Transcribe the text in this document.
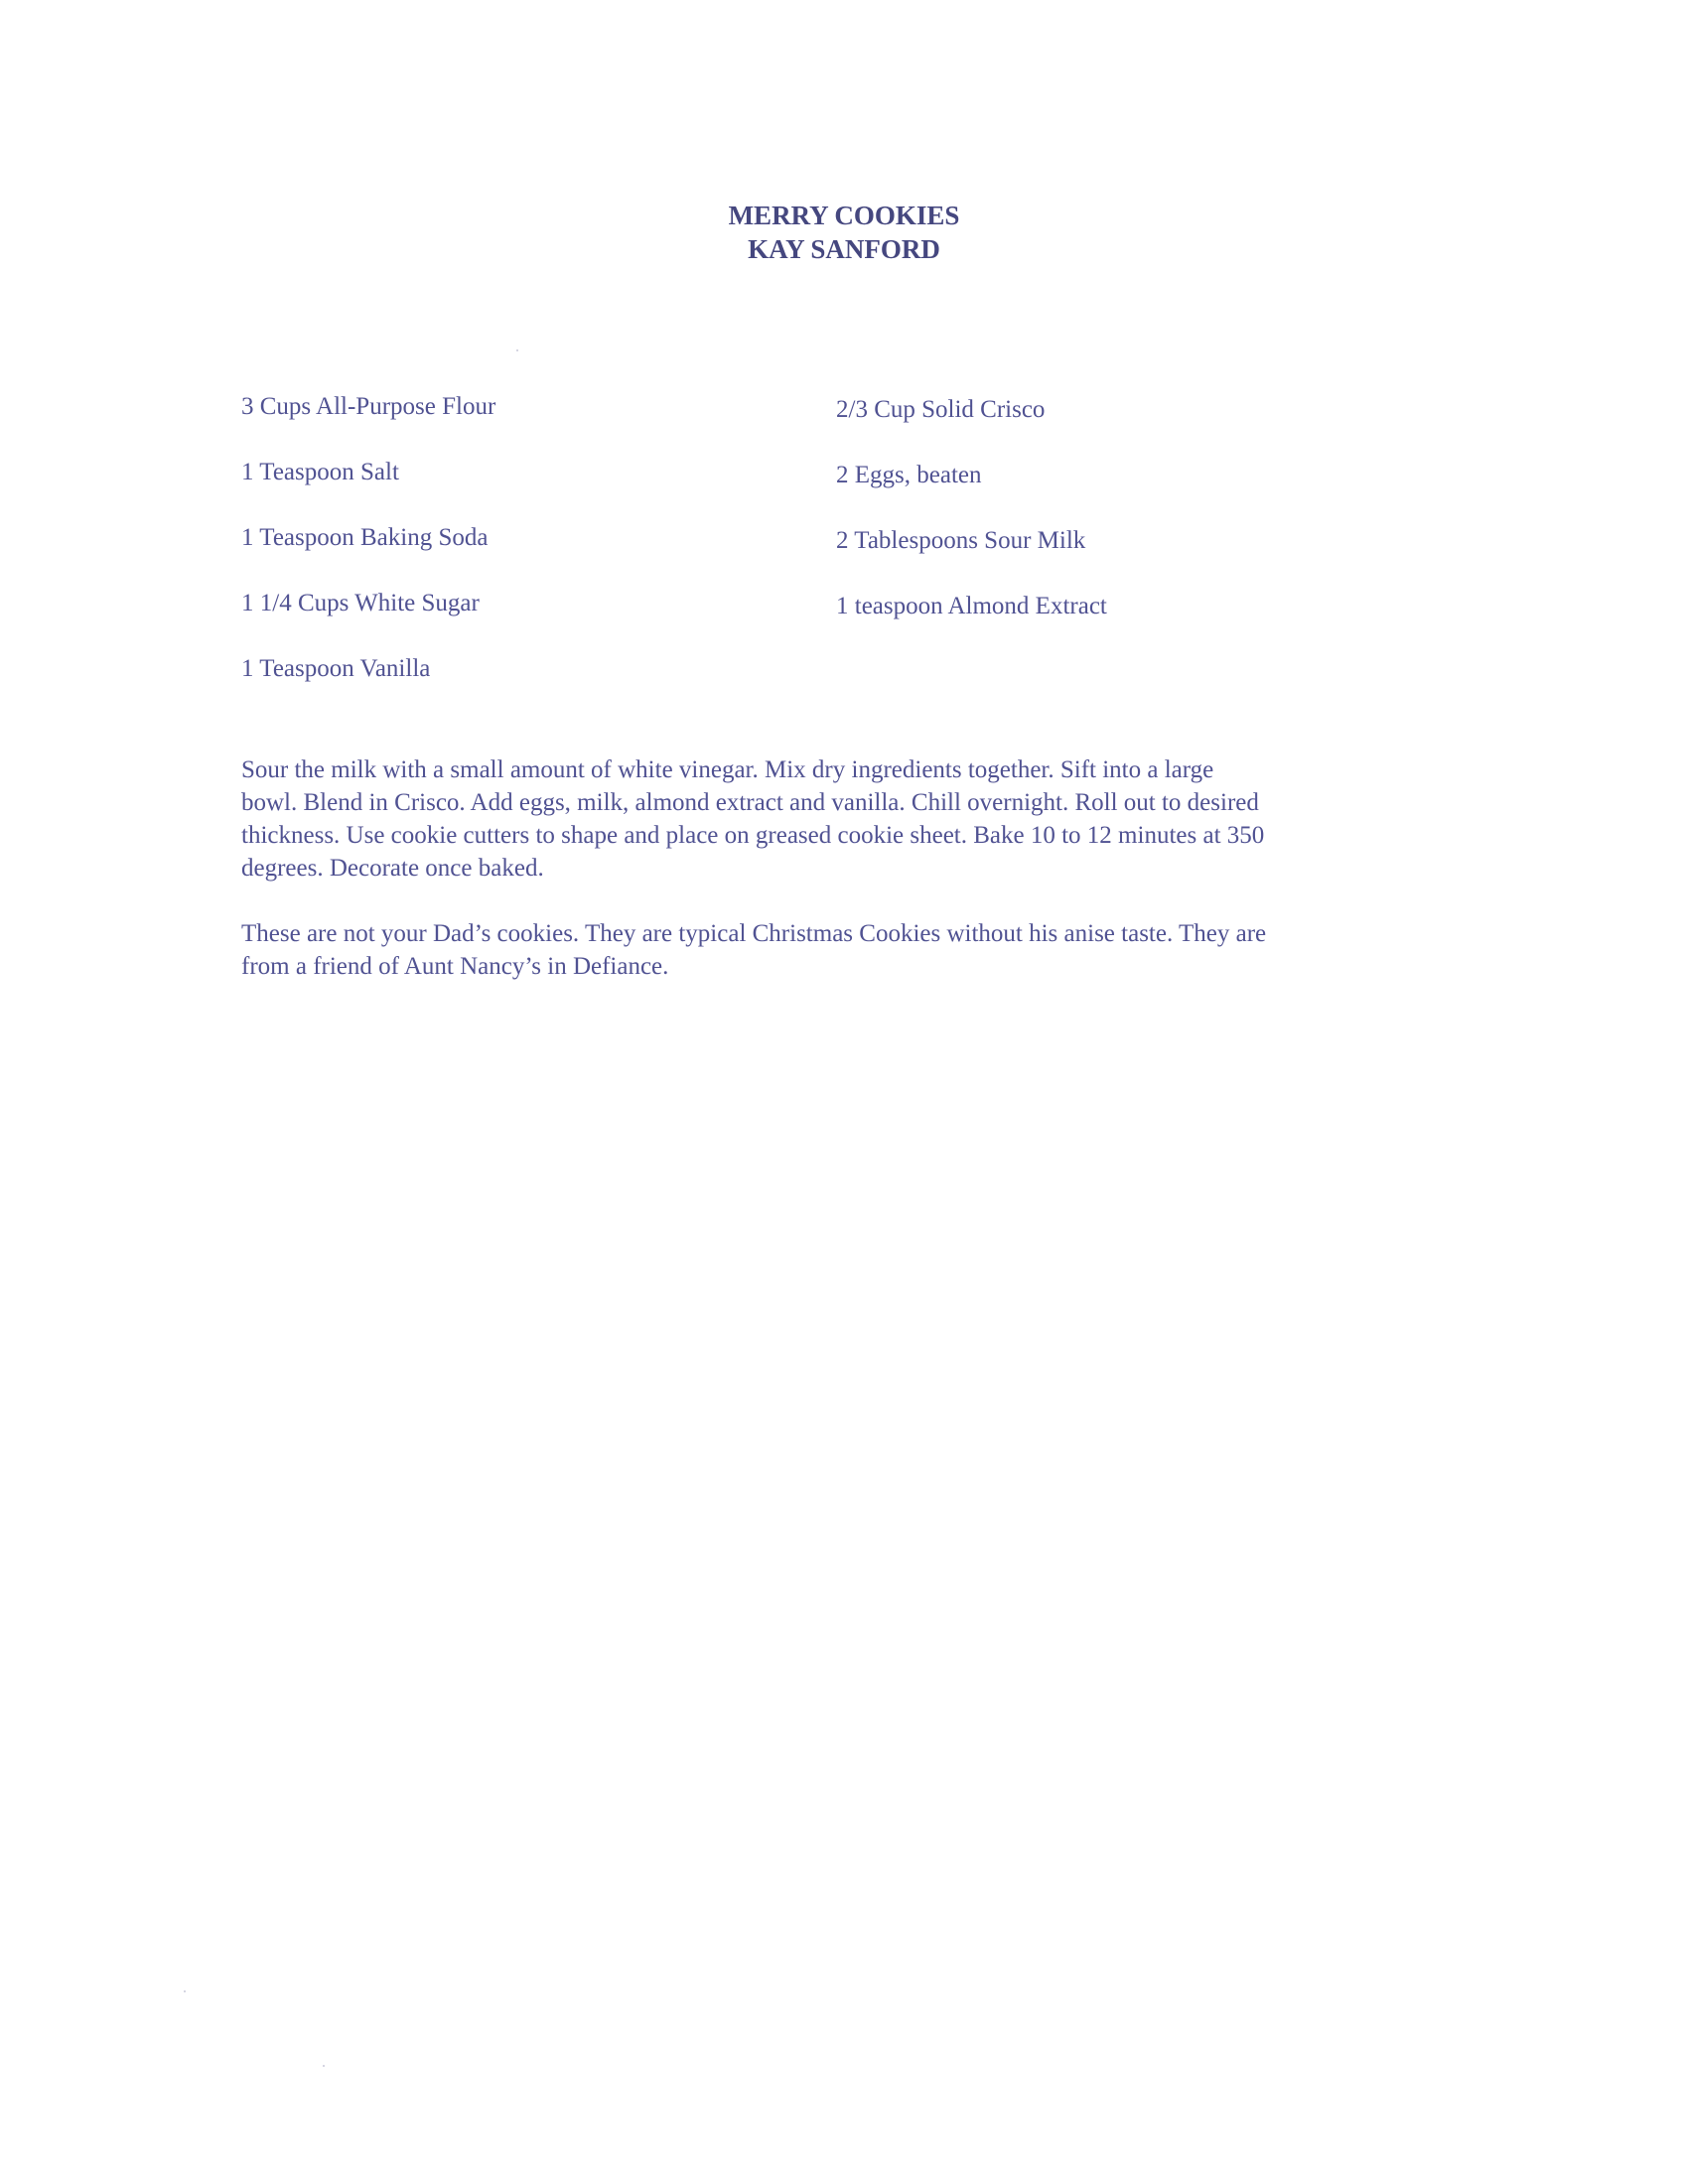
MERRY COOKIES
KAY SANFORD
3 Cups All-Purpose Flour
1 Teaspoon Salt
1 Teaspoon Baking Soda
1 1/4 Cups White Sugar
1 Teaspoon Vanilla
2/3 Cup Solid Crisco
2 Eggs, beaten
2 Tablespoons Sour Milk
1 teaspoon Almond Extract

Sour the milk with a small amount of white vinegar. Mix dry ingredients together. Sift into a large
bowl. Blend in Crisco. Add eggs, milk, almond extract and vanilla. Chill overnight. Roll out to desired
thickness. Use cookie cutters to shape and place on greased cookie sheet. Bake 10 to 12 minutes at 350
degrees. Decorate once baked.

These are not your Dad’s cookies. They are typical Christmas Cookies without his anise taste. They are
from a friend of Aunt Nancy’s in Defiance.
